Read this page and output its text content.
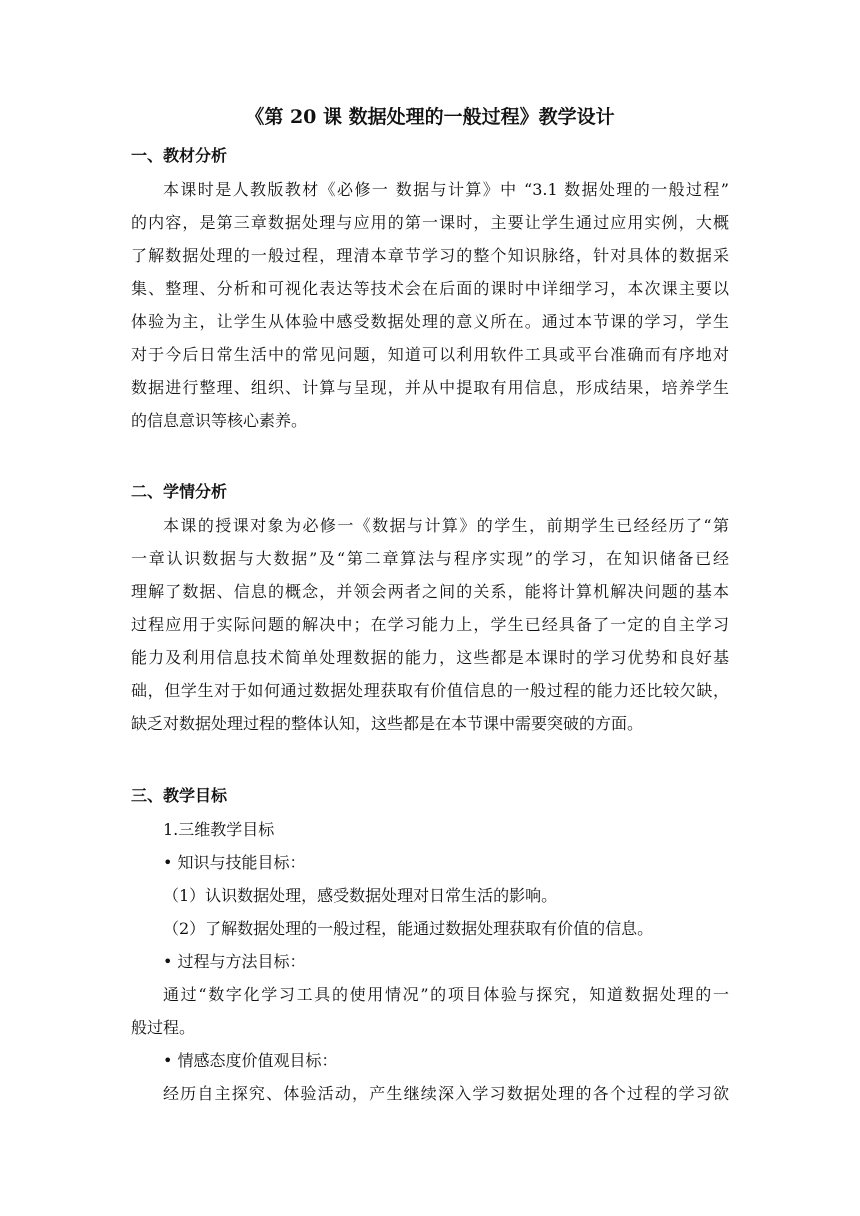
《第 20 课 数据处理的一般过程》教学设计
一、教材分析
本课时是人教版教材《必修一 数据与计算》中 “3.1 数据处理的一般过程”
的内容，是第三章数据处理与应用的第一课时，主要让学生通过应用实例，大概
了解数据处理的一般过程，理清本章节学习的整个知识脉络，针对具体的数据采
集、整理、分析和可视化表达等技术会在后面的课时中详细学习，本次课主要以
体验为主，让学生从体验中感受数据处理的意义所在。通过本节课的学习，学生
对于今后日常生活中的常见问题，知道可以利用软件工具或平台准确而有序地对
数据进行整理、组织、计算与呈现，并从中提取有用信息，形成结果，培养学生
的信息意识等核心素养。
二、学情分析
本课的授课对象为必修一《数据与计算》的学生，前期学生已经经历了“第
一章认识数据与大数据”及“第二章算法与程序实现”的学习，在知识储备已经
理解了数据、信息的概念，并领会两者之间的关系，能将计算机解决问题的基本
过程应用于实际问题的解决中；在学习能力上，学生已经具备了一定的自主学习
能力及利用信息技术简单处理数据的能力，这些都是本课时的学习优势和良好基
础，但学生对于如何通过数据处理获取有价值信息的一般过程的能力还比较欠缺，
缺乏对数据处理过程的整体认知，这些都是在本节课中需要突破的方面。
三、教学目标
1.三维教学目标
• 知识与技能目标：
（1）认识数据处理，感受数据处理对日常生活的影响。
（2）了解数据处理的一般过程，能通过数据处理获取有价值的信息。
• 过程与方法目标：
通过“数字化学习工具的使用情况”的项目体验与探究，知道数据处理的一
般过程。
• 情感态度价值观目标：
经历自主探究、体验活动，产生继续深入学习数据处理的各个过程的学习欲
